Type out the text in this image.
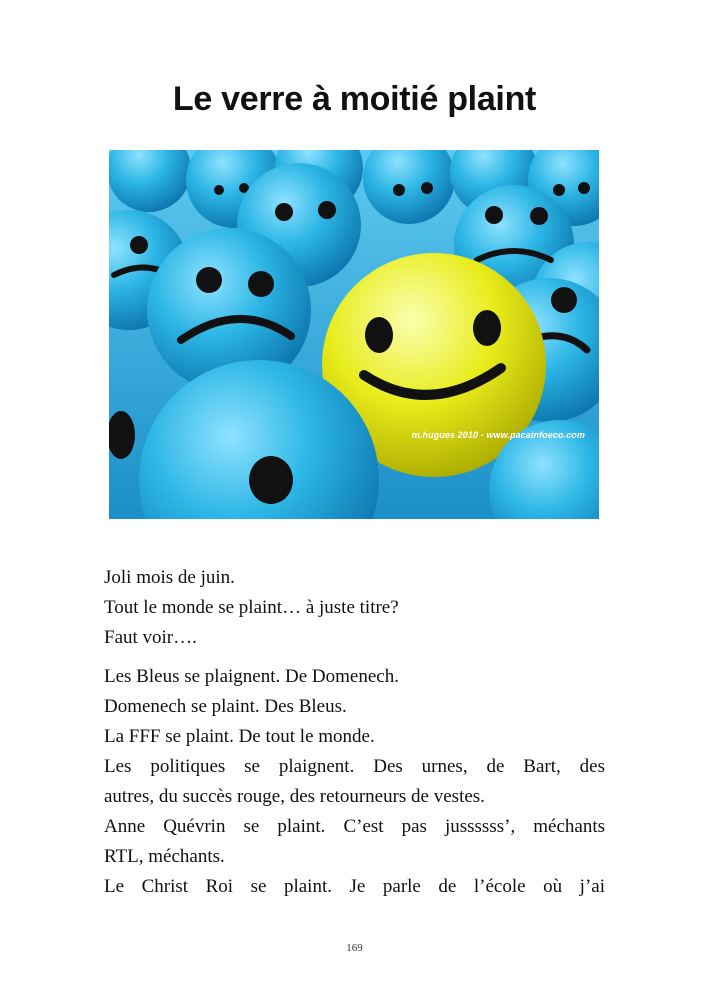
Le verre à moitié plaint
m.hugues 2010 - www.pacainfoeco.com

Joli mois de juin.

Tout le monde se plaint… à juste titre?

Faut voir….

Les Bleus se plaignent. De Domenech.

Domenech se plaint. Des Bleus.

La FFF se plaint. De tout le monde.

Les politiques se plaignent. Des urnes, de Bart, des

autres, du succès rouge, des retourneurs de vestes.

Anne Quévrin se plaint. C’est pas jussssss’, méchants

RTL, méchants.

Le Christ Roi se plaint. Je parle de l’école où j’ai

169
